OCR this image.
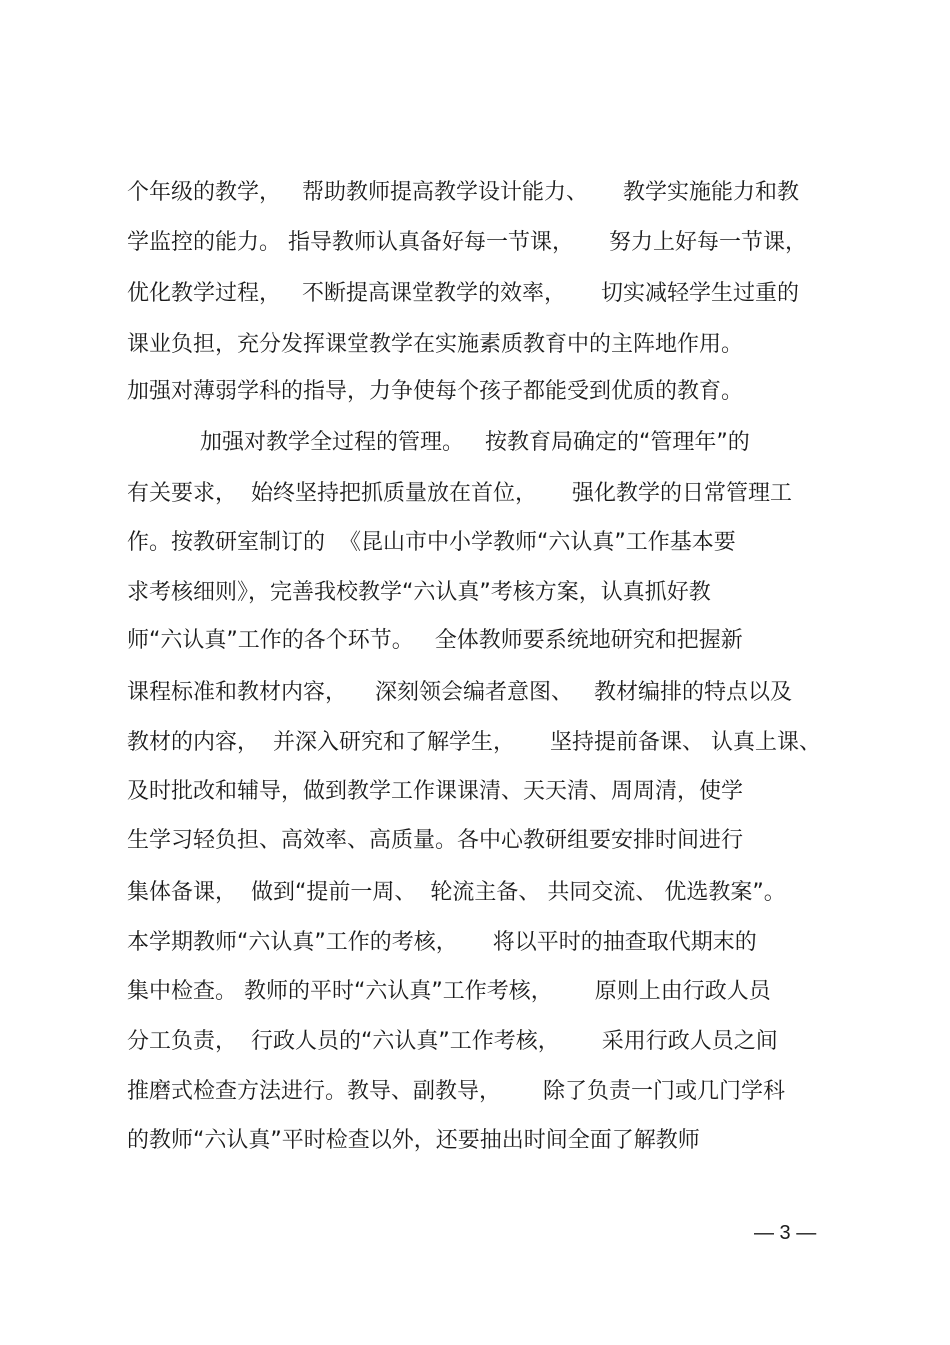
个年级的教学，   帮助教师提高教学设计能力、     教学实施能力和教
学监控的能力。 指导教师认真备好每一节课，     努力上好每一节课，
优化教学过程，   不断提高课堂教学的效率，     切实减轻学生过重的
课业负担，充分发挥课堂教学在实施素质教育中的主阵地作用。
加强对薄弱学科的指导，力争使每个孩子都能受到优质的教育。
加强对教学全过程的管理。   按教育局确定的“管理年”的
有关要求，  始终坚持把抓质量放在首位，     强化教学的日常管理工
作。按教研室制订的  《昆山市中小学教师“六认真”工作基本要
求考核细则》，完善我校教学“六认真”考核方案，认真抓好教
师“六认真”工作的各个环节。   全体教师要系统地研究和把握新
课程标准和教材内容，    深刻领会编者意图、   教材编排的特点以及
教材的内容，  并深入研究和了解学生，     坚持提前备课、 认真上课、
及时批改和辅导，做到教学工作课课清、天天清、周周清，使学
生学习轻负担、高效率、高质量。各中心教研组要安排时间进行
集体备课，  做到“提前一周、  轮流主备、 共同交流、 优选教案”。
本学期教师“六认真”工作的考核，     将以平时的抽查取代期末的
集中检查。 教师的平时“六认真”工作考核，      原则上由行政人员
分工负责，  行政人员的“六认真”工作考核，      采用行政人员之间
推磨式检查方法进行。教导、副教导，      除了负责一门或几门学科
的教师“六认真”平时检查以外，还要抽出时间全面了解教师
— 3 —
